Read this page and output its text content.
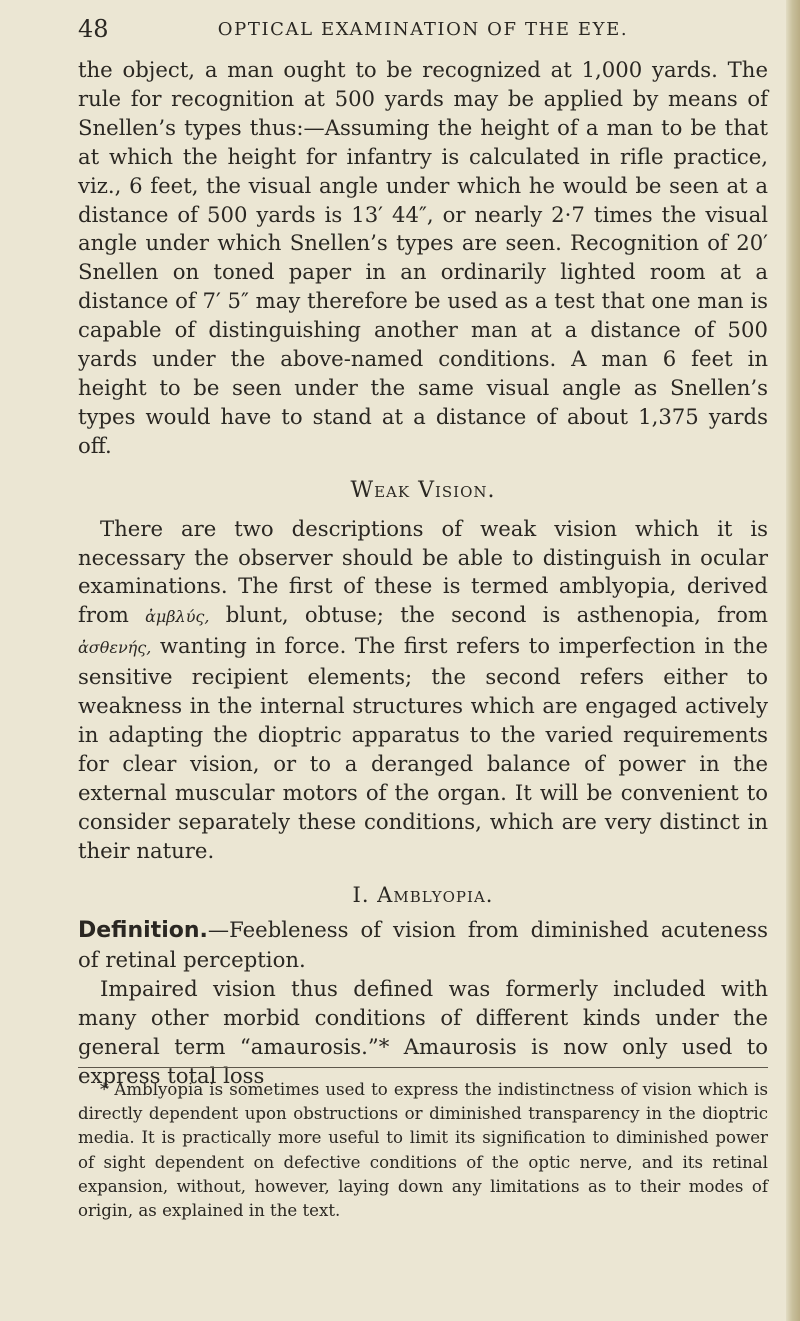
48	OPTICAL EXAMINATION OF THE EYE.

the object, a man ought to be recognized at 1,000 yards. The rule for recognition at 500 yards may be applied by means of Snellen’s types thus:—Assuming the height of a man to be that at which the height for infantry is calculated in rifle practice, viz., 6 feet, the visual angle under which he would be seen at a distance of 500 yards is 13′ 44″, or nearly 2·7 times the visual angle under which Snellen’s types are seen. Recognition of 20′ Snellen on toned paper in an ordinarily lighted room at a distance of 7′ 5″ may therefore be used as a test that one man is capable of distinguishing another man at a distance of 500 yards under the above-named conditions. A man 6 feet in height to be seen under the same visual angle as Snellen’s types would have to stand at a distance of about 1,375 yards off.

Weak Vision.

There are two descriptions of weak vision which it is necessary the observer should be able to distinguish in ocular examinations. The first of these is termed amblyopia, derived from ἀμβλύς, blunt, obtuse; the second is asthenopia, from ἀσθενής, wanting in force. The first refers to imperfection in the sensitive recipient elements; the second refers either to weakness in the internal structures which are engaged actively in adapting the dioptric apparatus to the varied requirements for clear vision, or to a deranged balance of power in the external muscular motors of the organ. It will be convenient to consider separately these conditions, which are very distinct in their nature.

I. Amblyopia.

Definition.—Feebleness of vision from diminished acuteness of retinal perception.

Impaired vision thus defined was formerly included with many other morbid conditions of different kinds under the general term “amaurosis.”* Amaurosis is now only used to express total loss

* Amblyopia is sometimes used to express the indistinctness of vision which is directly dependent upon obstructions or diminished transparency in the dioptric media. It is practically more useful to limit its signification to diminished power of sight dependent on defective conditions of the optic nerve, and its retinal expansion, without, however, laying down any limitations as to their modes of origin, as explained in the text.
